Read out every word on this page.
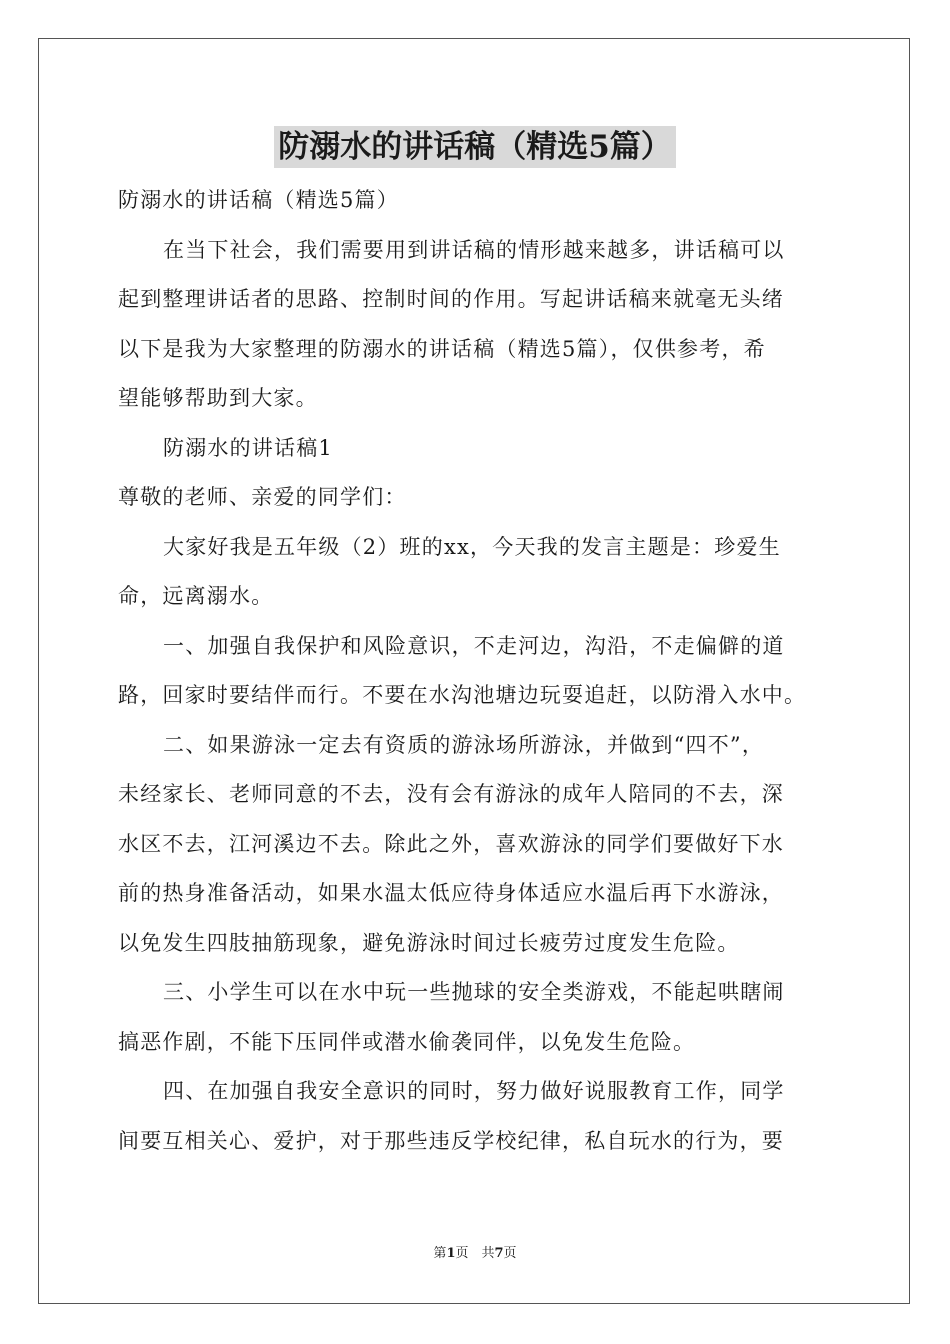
防溺水的讲话稿（精选5篇）
防溺水的讲话稿（精选5篇）
在当下社会，我们需要用到讲话稿的情形越来越多，讲话稿可以
起到整理讲话者的思路、控制时间的作用。写起讲话稿来就毫无头绪
以下是我为大家整理的防溺水的讲话稿（精选5篇），仅供参考，希
望能够帮助到大家。
防溺水的讲话稿1
尊敬的老师、亲爱的同学们：
大家好我是五年级（2）班的xx，今天我的发言主题是：珍爱生
命，远离溺水。
一、加强自我保护和风险意识，不走河边，沟沿，不走偏僻的道
路，回家时要结伴而行。不要在水沟池塘边玩耍追赶，以防滑入水中。
二、如果游泳一定去有资质的游泳场所游泳，并做到“四不”，
未经家长、老师同意的不去，没有会有游泳的成年人陪同的不去，深
水区不去，江河溪边不去。除此之外，喜欢游泳的同学们要做好下水
前的热身准备活动，如果水温太低应待身体适应水温后再下水游泳，
以免发生四肢抽筋现象，避免游泳时间过长疲劳过度发生危险。
三、小学生可以在水中玩一些抛球的安全类游戏，不能起哄瞎闹
搞恶作剧，不能下压同伴或潜水偷袭同伴，以免发生危险。
四、在加强自我安全意识的同时，努力做好说服教育工作，同学
间要互相关心、爱护，对于那些违反学校纪律，私自玩水的行为，要
第1页　共7页
